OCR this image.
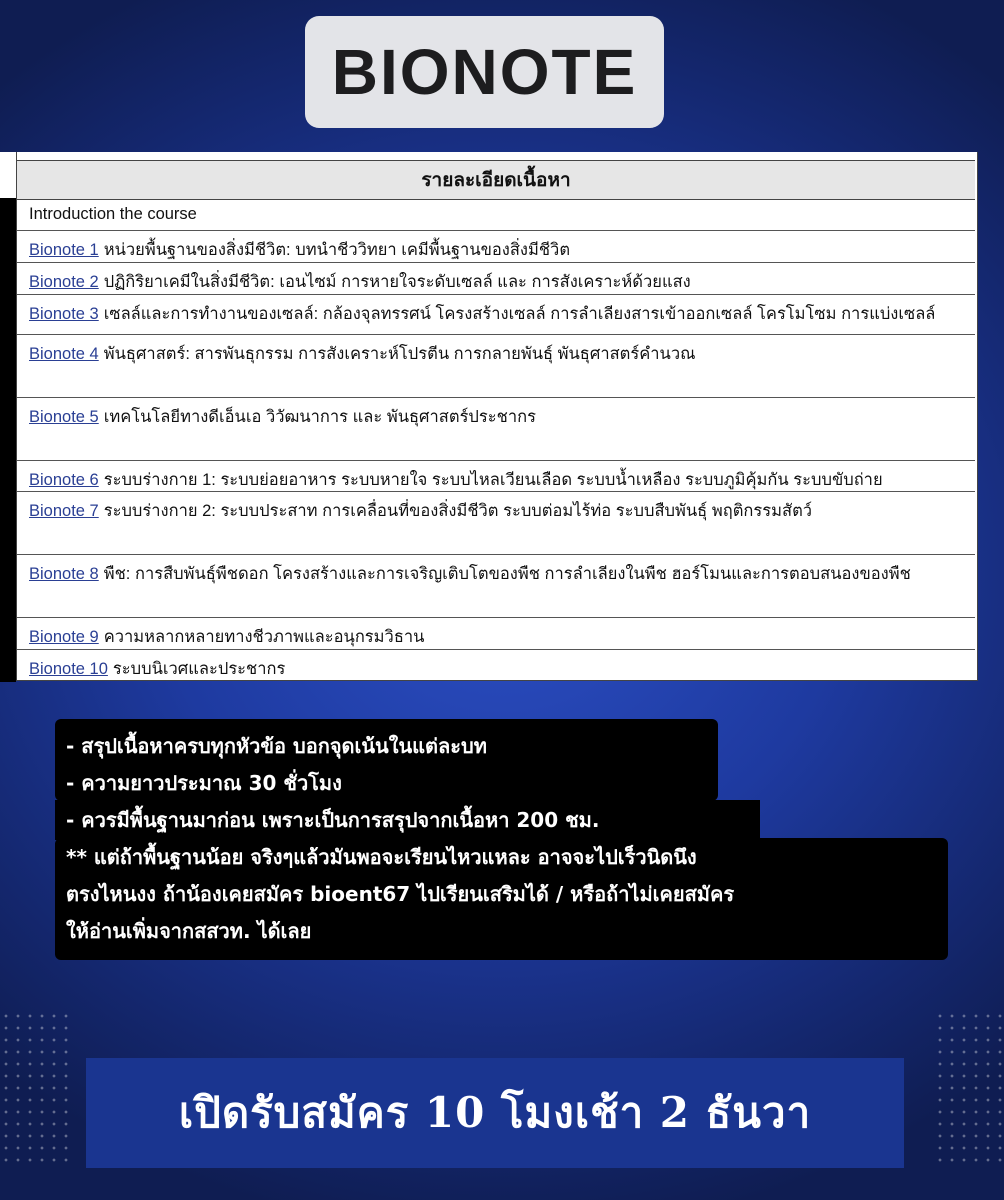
BIONOTE
รายละเอียดเนื้อหา
Introduction the course
Bionote 1 หน่วยพื้นฐานของสิ่งมีชีวิต: บทนำชีววิทยา เคมีพื้นฐานของสิ่งมีชีวิต
Bionote 2 ปฏิกิริยาเคมีในสิ่งมีชีวิต: เอนไซม์ การหายใจระดับเซลล์ และ การสังเคราะห์ด้วยแสง
Bionote 3 เซลล์และการทำงานของเซลล์: กล้องจุลทรรศน์ โครงสร้างเซลล์ การลำเลียงสารเข้าออกเซลล์ โครโมโซม การแบ่งเซลล์
Bionote 4 พันธุศาสตร์: สารพันธุกรรม การสังเคราะห์โปรตีน การกลายพันธุ์ พันธุศาสตร์คำนวณ
Bionote 5 เทคโนโลยีทางดีเอ็นเอ วิวัฒนาการ และ พันธุศาสตร์ประชากร
Bionote 6 ระบบร่างกาย 1: ระบบย่อยอาหาร ระบบหายใจ ระบบไหลเวียนเลือด ระบบน้ำเหลือง ระบบภูมิคุ้มกัน ระบบขับถ่าย
Bionote 7 ระบบร่างกาย 2: ระบบประสาท การเคลื่อนที่ของสิ่งมีชีวิต ระบบต่อมไร้ท่อ ระบบสืบพันธุ์ พฤติกรรมสัตว์
Bionote 8 พืช: การสืบพันธุ์พืชดอก โครงสร้างและการเจริญเติบโตของพืช การลำเลียงในพืช ฮอร์โมนและการตอบสนองของพืช
Bionote 9 ความหลากหลายทางชีวภาพและอนุกรมวิธาน
Bionote 10 ระบบนิเวศและประชากร
- สรุปเนื้อหาครบทุกหัวข้อ บอกจุดเน้นในแต่ละบท
- ความยาวประมาณ 30 ชั่วโมง
- ควรมีพื้นฐานมาก่อน เพราะเป็นการสรุปจากเนื้อหา 200 ชม.
** แต่ถ้าพื้นฐานน้อย จริงๆแล้วมันพอจะเรียนไหวแหละ อาจจะไปเร็วนิดนึง
ตรงไหนงง ถ้าน้องเคยสมัคร bioent67 ไปเรียนเสริมได้ / หรือถ้าไม่เคยสมัคร
ให้อ่านเพิ่มจากสสวท. ได้เลย
เปิดรับสมัคร 10 โมงเช้า 2 ธันวา
